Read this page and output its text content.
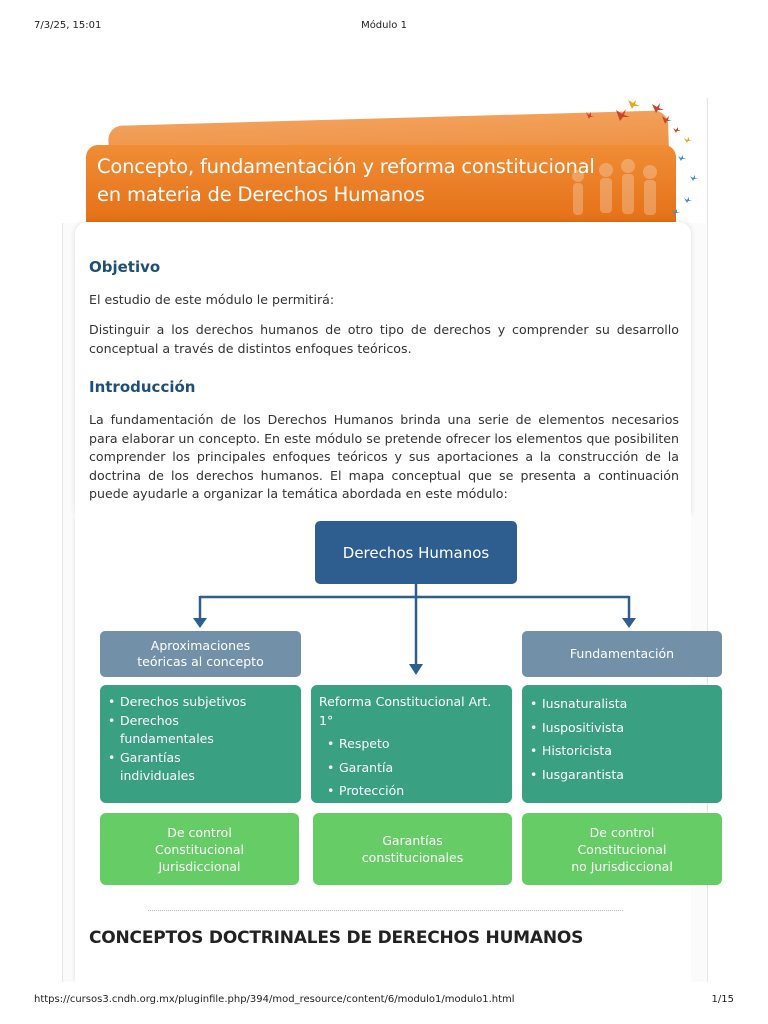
7/3/25, 15:01	Módulo 1
Concepto, fundamentación y reforma constitucional
en materia de Derechos Humanos
Objetivo
El estudio de este módulo le permitirá:
Distinguir a los derechos humanos de otro tipo de derechos y comprender su desarrollo conceptual a través de distintos enfoques teóricos.
Introducción
La fundamentación de los Derechos Humanos brinda una serie de elementos necesarios para elaborar un concepto. En este módulo se pretende ofrecer los elementos que posibiliten comprender los principales enfoques teóricos y sus aportaciones a la construcción de la doctrina de los derechos humanos. El mapa conceptual que se presenta a continuación puede ayudarle a organizar la temática abordada en este módulo:
Derechos Humanos
Aproximaciones
teóricas al concepto
• Derechos subjetivos
• Derechos fundamentales
• Garantías individuales
De control
Constitucional
Jurisdiccional
Reforma Constitucional Art. 1°
• Respeto
• Garantía
• Protección
Garantías
constitucionales
Fundamentación
• Iusnaturalista
• Iuspositivista
• Historicista
• Iusgarantista
De control
Constitucional
no Jurisdiccional
CONCEPTOS DOCTRINALES DE DERECHOS HUMANOS
https://cursos3.cndh.org.mx/pluginfile.php/394/mod_resource/content/6/modulo1/modulo1.html	1/15
